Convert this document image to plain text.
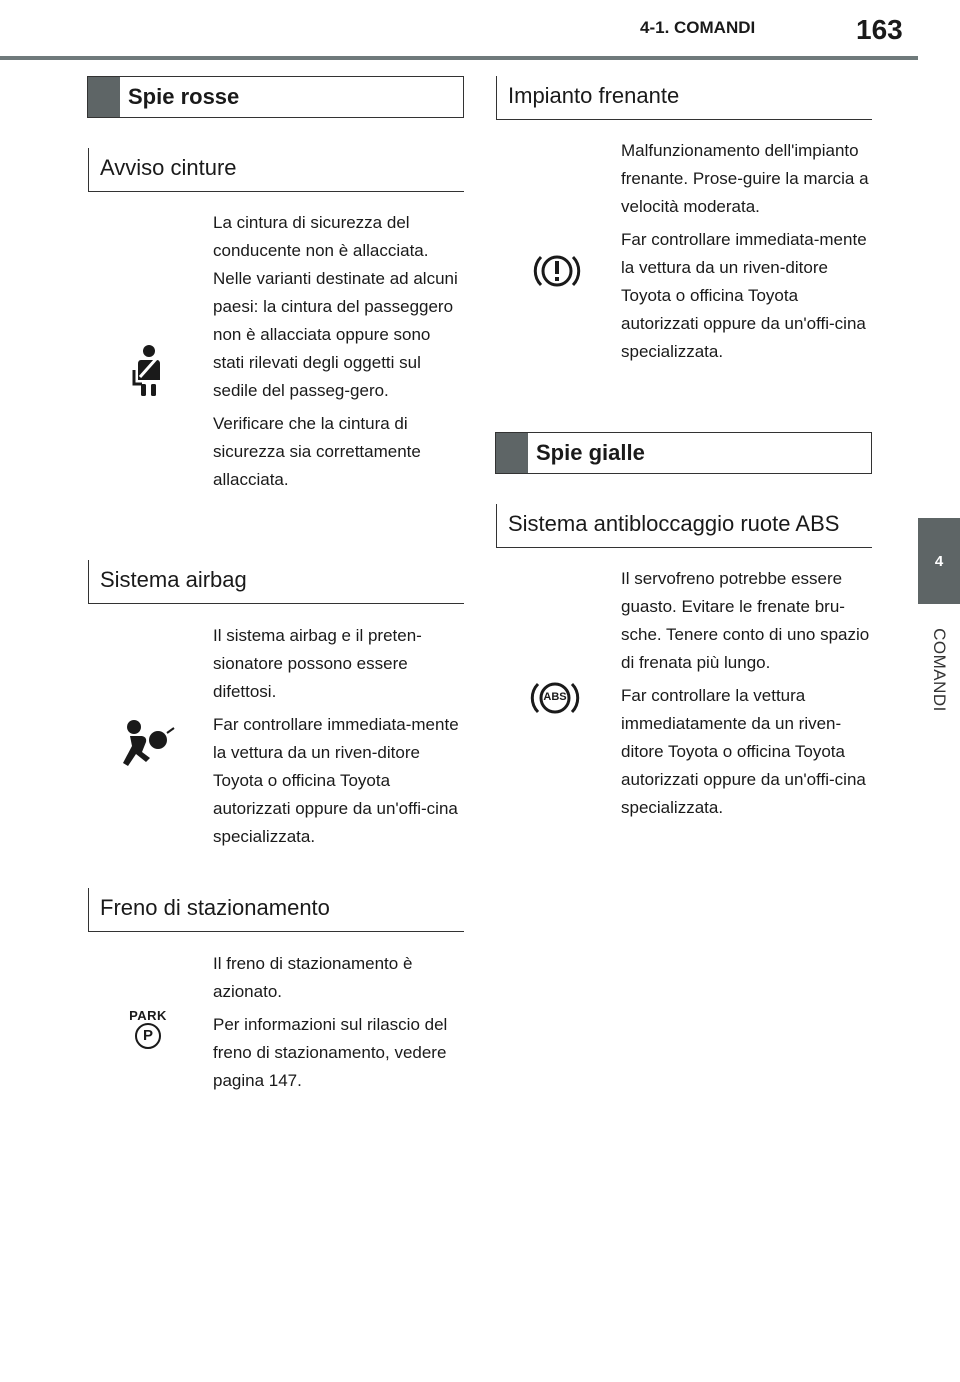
4-1. COMANDI	163
4
COMANDI
Spie rosse
Avviso cinture

La cintura di sicurezza del conducente non è allacciata. Nelle varianti destinate ad alcuni paesi: la cintura del passeggero non è allacciata oppure sono stati rilevati degli oggetti sul sedile del passeg-gero.

Verificare che la cintura di sicurezza sia correttamente allacciata.

Sistema airbag

Il sistema airbag e il preten-sionatore possono essere difettosi.

Far controllare immediata-mente la vettura da un riven-ditore Toyota o officina Toyota autorizzati oppure da un'offi-cina specializzata.

Freno di stazionamento
PARK
P

Il freno di stazionamento è azionato.

Per informazioni sul rilascio del freno di stazionamento, vedere pagina 147.

Impianto frenante

Malfunzionamento dell'impianto frenante. Prose-guire la marcia a velocità moderata.

Far controllare immediata-mente la vettura da un riven-ditore Toyota o officina Toyota autorizzati oppure da un'offi-cina specializzata.

Spie gialle
Sistema antibloccaggio ruote ABS
ABS

Il servofreno potrebbe essere guasto. Evitare le frenate bru-sche. Tenere conto di uno spazio di frenata più lungo.

Far controllare la vettura immediatamente da un riven-ditore Toyota o officina Toyota autorizzati oppure da un'offi-cina specializzata.
